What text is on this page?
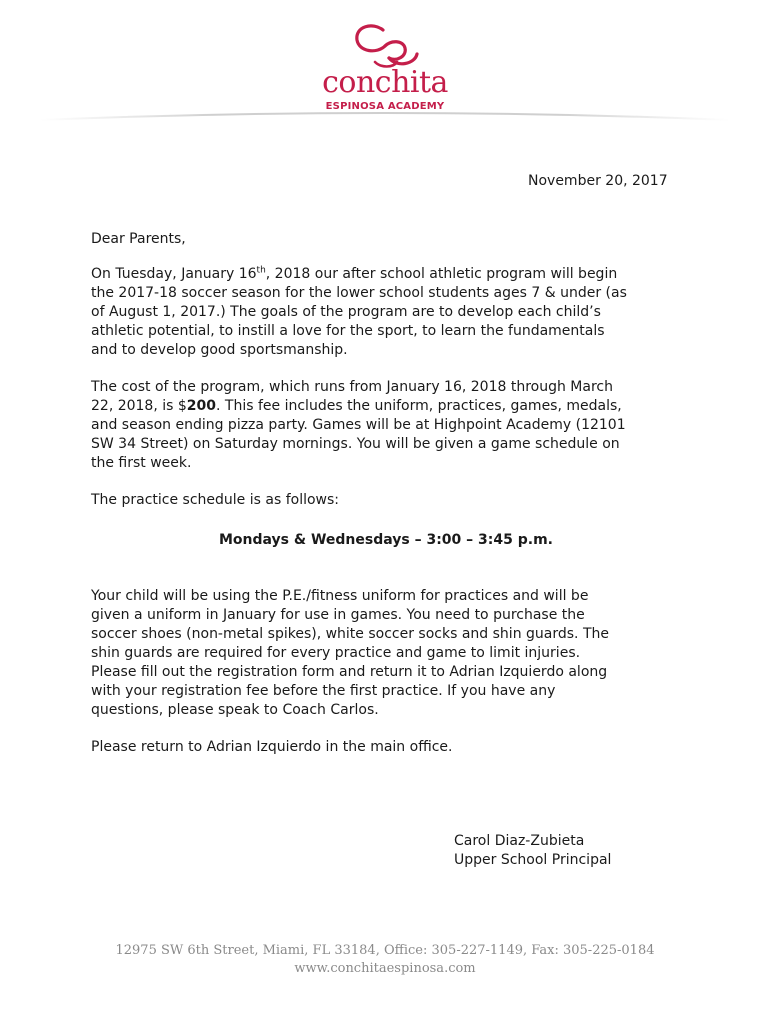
conchita
ESPINOSA ACADEMY
November 20, 2017

Dear Parents,

On Tuesday, January 16th, 2018 our after school athletic program will begin
the 2017-18 soccer season for the lower school students ages 7 & under (as
of August 1, 2017.) The goals of the program are to develop each child’s
athletic potential, to instill a love for the sport, to learn the fundamentals
and to develop good sportsmanship.

The cost of the program, which runs from January 16, 2018 through March
22, 2018, is $200. This fee includes the uniform, practices, games, medals,
and season ending pizza party. Games will be at Highpoint Academy (12101
SW 34 Street) on Saturday mornings. You will be given a game schedule on
the first week.

The practice schedule is as follows:

Mondays & Wednesdays – 3:00 – 3:45 p.m.

Your child will be using the P.E./fitness uniform for practices and will be
given a uniform in January for use in games. You need to purchase the
soccer shoes (non-metal spikes), white soccer socks and shin guards. The
shin guards are required for every practice and game to limit injuries.
Please fill out the registration form and return it to Adrian Izquierdo along
with your registration fee before the first practice. If you have any
questions, please speak to Coach Carlos.

Please return to Adrian Izquierdo in the main office.

Carol Diaz-Zubieta
Upper School Principal
12975 SW 6th Street, Miami, FL 33184, Office: 305-227-1149, Fax: 305-225-0184
www.conchitaespinosa.com
